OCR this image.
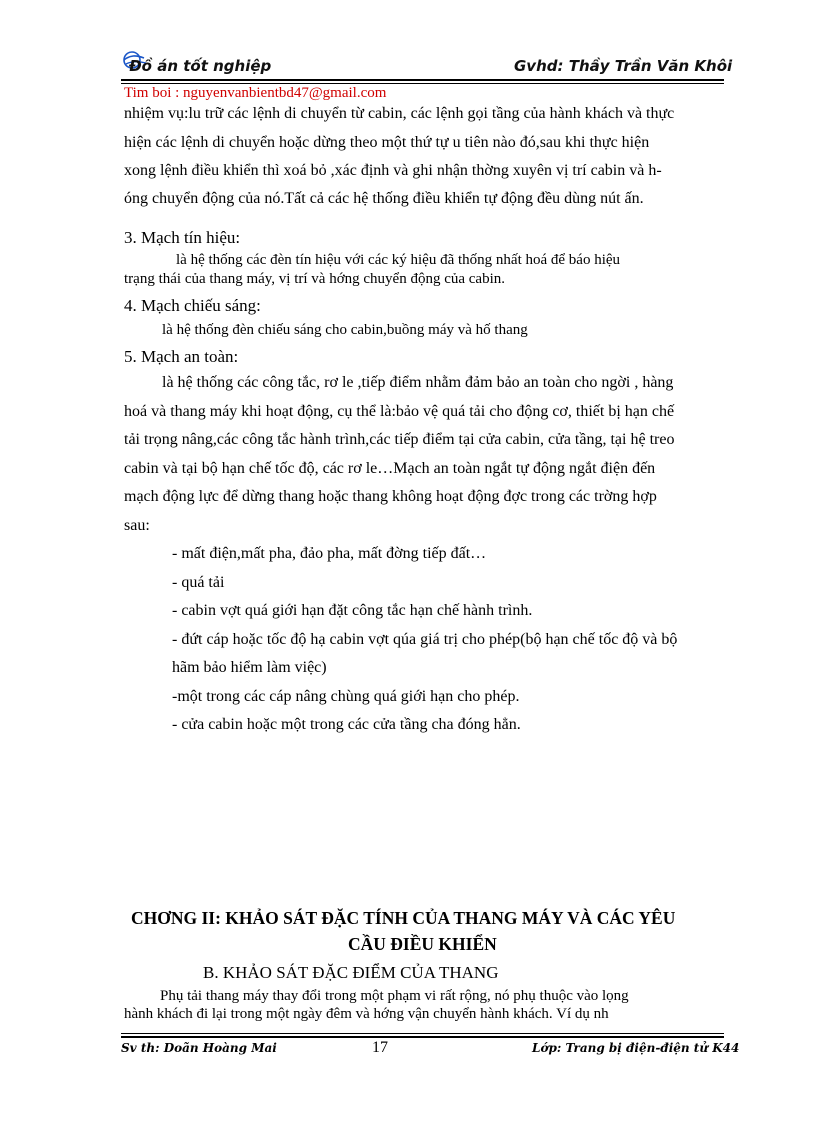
Đồ án tốt nghiệp	Gvhd: Thầy Trần Văn Khôi
Tim boi : nguyenvanbientbd47@gmail.com
nhiệm vụ:lu trữ các lệnh di chuyển từ cabin, các lệnh gọi tầng của hành khách và thực
hiện các lệnh di chuyển hoặc dừng theo một thứ tự u tiên nào đó,sau khi thực hiện
xong lệnh điều khiển thì xoá bỏ ,xác định và ghi nhận thờng xuyên vị trí cabin và h-
óng chuyển động của nó.Tất cả các hệ thống điều khiển tự động đều dùng nút ấn.
3. Mạch tín hiệu:
là hệ thống các đèn tín hiệu với các ký hiệu đã thống nhất hoá để báo hiệu
trạng thái của thang máy, vị trí và hớng chuyển động của cabin.
4. Mạch chiếu sáng:
là hệ thống đèn chiếu sáng cho cabin,buồng máy và hố thang
5. Mạch an toàn:
là hệ thống các công tắc, rơ le ,tiếp điểm nhằm đảm bảo an toàn cho ngời , hàng
hoá và thang máy khi hoạt động, cụ thể là:bảo vệ quá tải cho động cơ, thiết bị hạn chế
tải trọng nâng,các công tắc hành trình,các tiếp điểm tại cửa cabin, cửa tầng, tại hệ treo
cabin và tại bộ hạn chế tốc độ, các rơ le…Mạch an toàn ngắt tự động ngắt điện đến
mạch động lực để dừng thang hoặc thang không hoạt động đợc trong các trờng hợp
sau:
- mất điện,mất pha, đảo pha, mất đờng tiếp đất…
- quá tải
- cabin vợt quá giới hạn đặt công tắc hạn chế hành trình.
- đứt cáp hoặc tốc độ hạ cabin vợt qúa giá trị cho phép(bộ hạn chế tốc độ và bộ
hãm bảo hiểm làm việc)
-một trong các cáp nâng chùng quá giới hạn cho phép.
- cửa cabin hoặc một trong các cửa tầng cha đóng hẳn.
CHƠNG II: KHẢO SÁT ĐẶC TÍNH CỦA THANG MÁY VÀ CÁC YÊU
CẦU ĐIỀU KHIỂN
B. KHẢO SÁT ĐẶC ĐIỂM CỦA THANG
Phụ tải thang máy thay đổi trong một phạm vi rất rộng, nó phụ thuộc vào lọng
hành khách đi lại trong một ngày đêm và hớng vận chuyển hành khách. Ví dụ nh
Sv th: Doãn Hoàng Mai	17	Lớp: Trang bị điện-điện tử K44
